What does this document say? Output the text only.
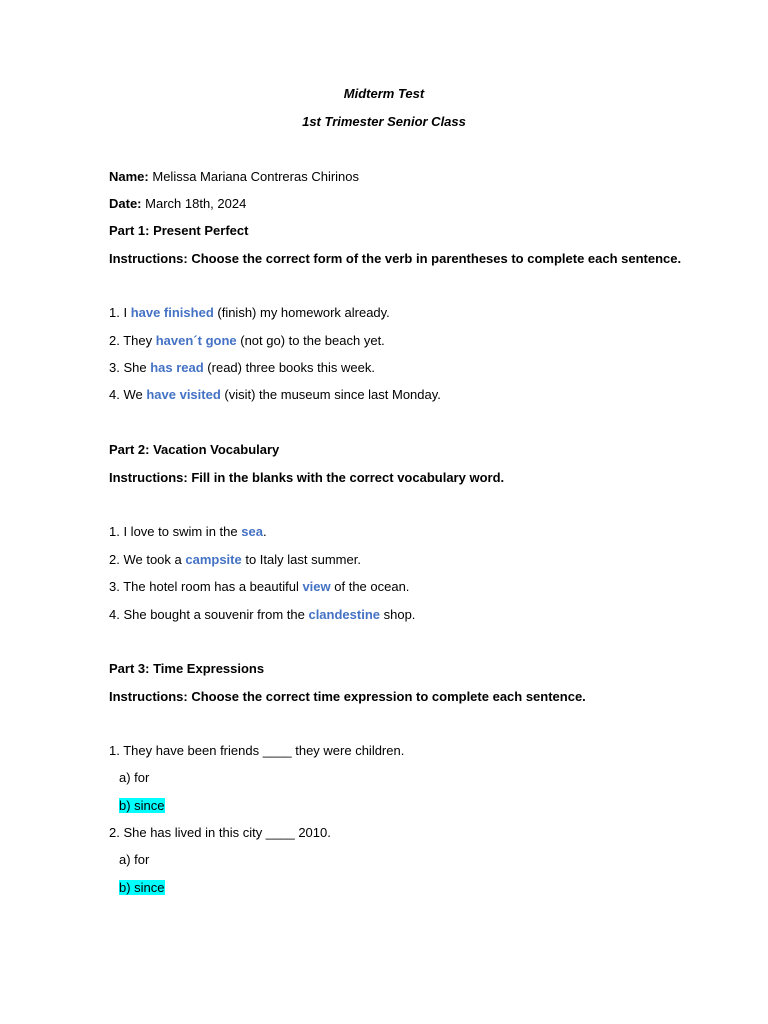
Midterm Test
1st Trimester Senior Class
Name: Melissa Mariana Contreras Chirinos
Date: March 18th, 2024
Part 1: Present Perfect
Instructions: Choose the correct form of the verb in parentheses to complete each sentence.
1. I have finished (finish) my homework already.
2. They haven´t gone (not go) to the beach yet.
3. She has read (read) three books this week.
4. We have visited (visit) the museum since last Monday.
Part 2: Vacation Vocabulary
Instructions: Fill in the blanks with the correct vocabulary word.
1. I love to swim in the sea.
2. We took a campsite to Italy last summer.
3. The hotel room has a beautiful view of the ocean.
4. She bought a souvenir from the clandestine shop.
Part 3: Time Expressions
Instructions: Choose the correct time expression to complete each sentence.
1. They have been friends ____ they were children.
a) for
b) since
2. She has lived in this city ____ 2010.
a) for
b) since
